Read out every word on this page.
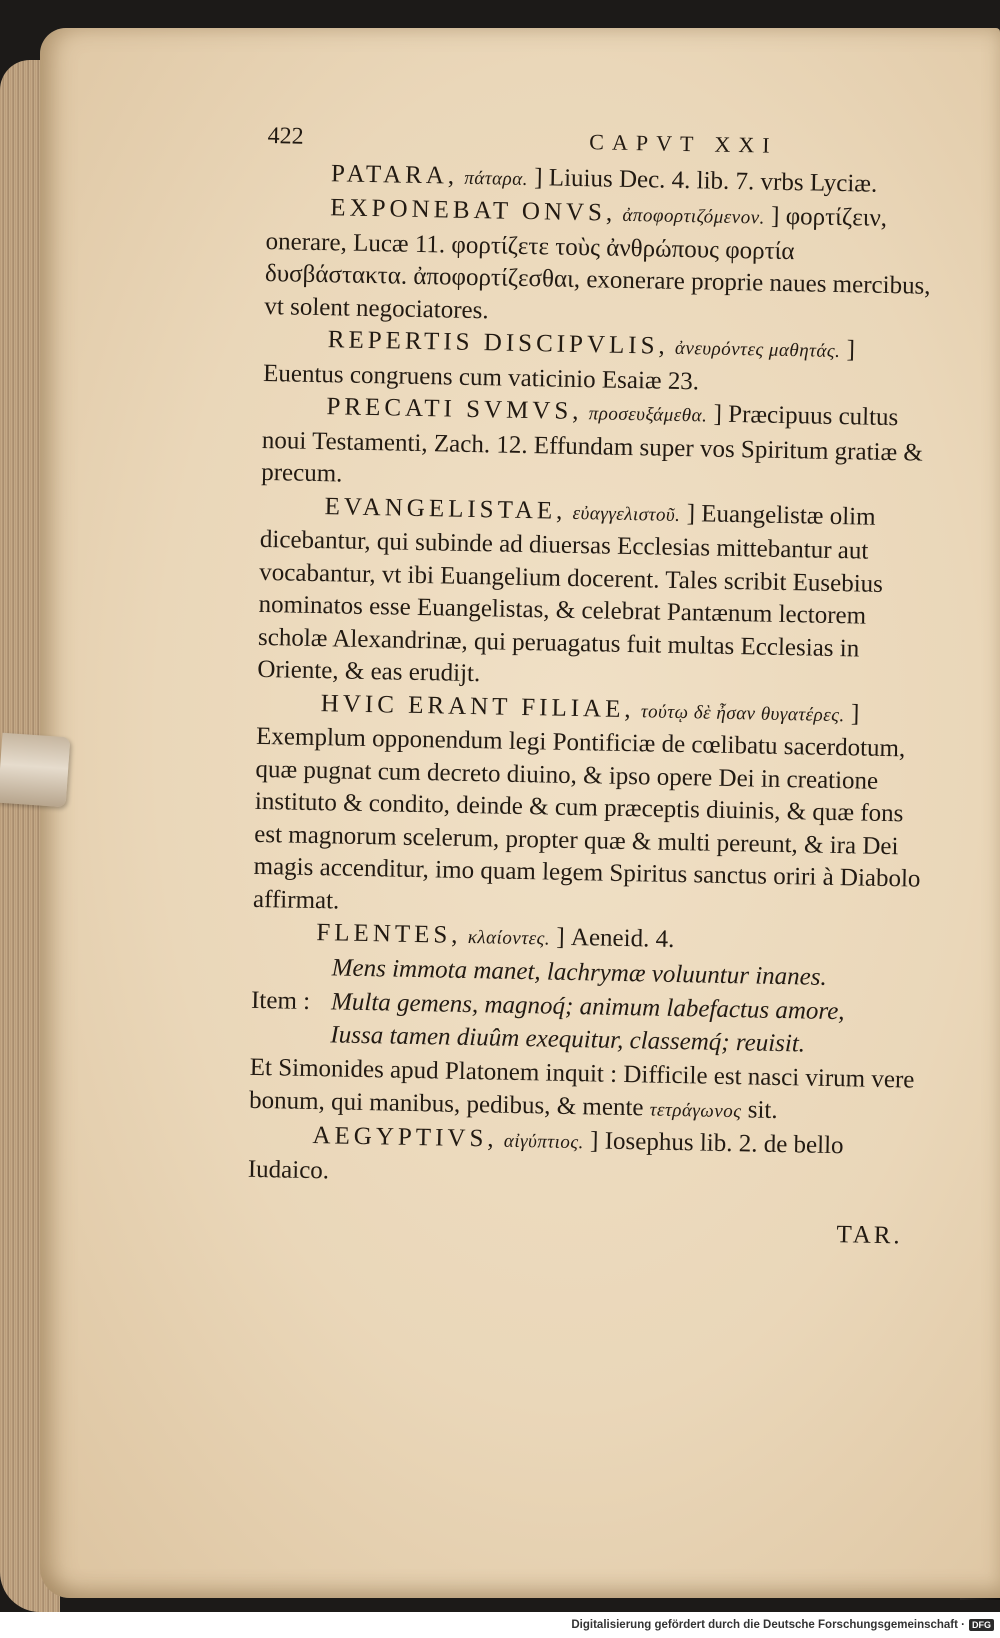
422	CAPVT XXI

PATARA, πάταρα. ] Liuius Dec. 4. lib. 7. vrbs Lyciæ.

EXPONEBAT ONVS, ἀποφορτιζόμενον. ] φορτίζειν, onerare, Lucæ 11. φορτίζετε τοὺς ἀνθρώπους φορτία δυσβάστακτα. ἀποφορτίζεσθαι, exonerare proprie naues mercibus, vt solent negociatores.

REPERTIS DISCIPVLIS, ἀνευρόντες μαθητάς. ] Euentus congruens cum vaticinio Esaiæ 23.

PRECATI SVMVS, προσευξάμεθα. ] Præcipuus cultus noui Testamenti, Zach. 12. Effundam super vos Spiritum gratiæ & precum.

EVANGELISTAE, εὐαγγελιστοῦ. ] Euangelistæ olim dicebantur, qui subinde ad diuersas Ecclesias mittebantur aut vocabantur, vt ibi Euangelium docerent. Tales scribit Eusebius nominatos esse Euangelistas, & celebrat Pantænum lectorem scholæ Alexandrinæ, qui peruagatus fuit multas Ecclesias in Oriente, & eas erudijt.

HVIC ERANT FILIAE, τούτῳ δὲ ἦσαν θυγατέρες. ] Exemplum opponendum legi Pontificiæ de cœlibatu sacerdotum, quæ pugnat cum decreto diuino, & ipso opere Dei in creatione instituto & condito, deinde & cum præceptis diuinis, & quæ fons est magnorum scelerum, propter quæ & multi pereunt, & ira Dei magis accenditur, imo quam legem Spiritus sanctus oriri à Diabolo affirmat.

FLENTES, κλαίοντες. ] Aeneid. 4.

Mens immota manet, lachrymæ voluuntur inanes.

Item : Multa gemens, magnoq́; animum labefactus amore,
Iussa tamen diuûm exequitur, classemq́; reuisit.

Et Simonides apud Platonem inquit : Difficile est nasci virum vere bonum, qui manibus, pedibus, & mente τετράγωνος sit.

AEGYPTIVS, αἰγύπτιος. ] Iosephus lib. 2. de bello Iudaico.

TAR.

Digitalisierung gefördert durch die Deutsche Forschungsgemeinschaft · DFG
